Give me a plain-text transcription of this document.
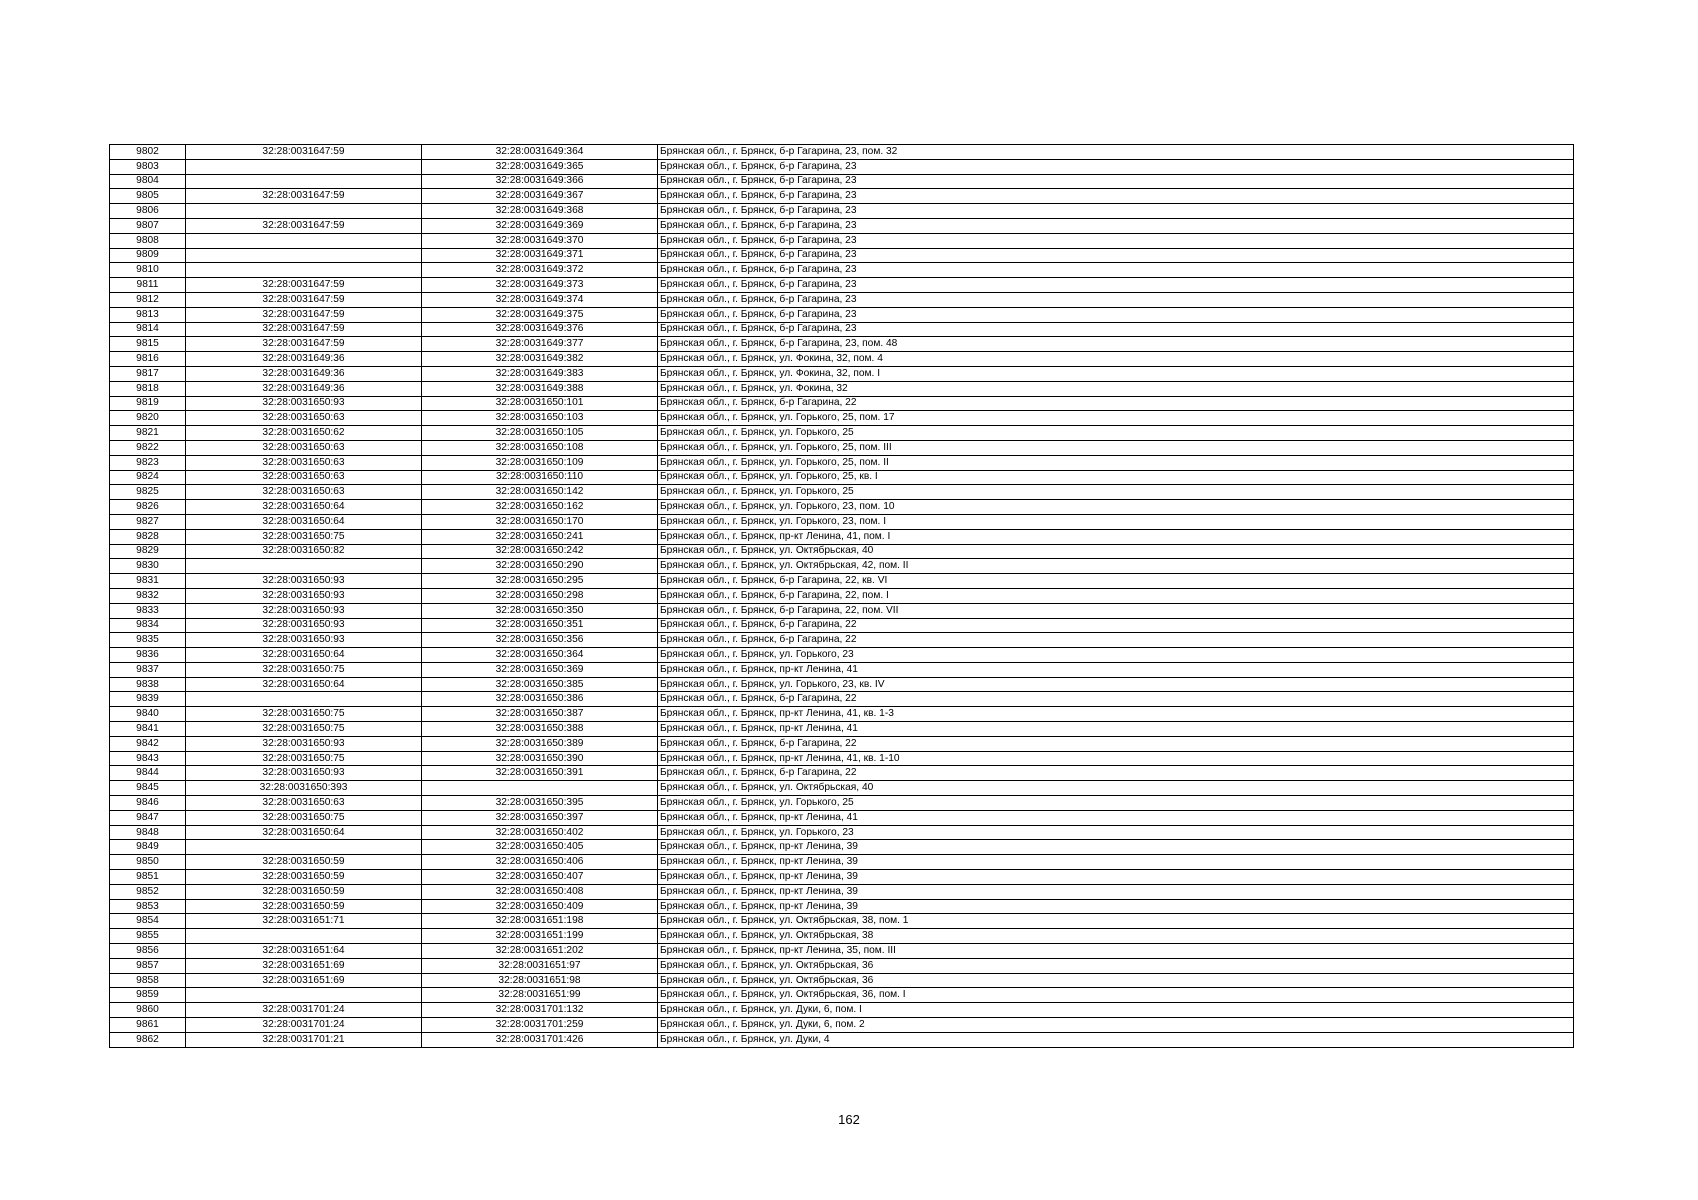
9802	32:28:0031647:59	32:28:0031649:364	Брянская обл., г. Брянск, б-р Гагарина, 23, пом. 32
9803		32:28:0031649:365	Брянская обл., г. Брянск, б-р Гагарина, 23
9804		32:28:0031649:366	Брянская обл., г. Брянск, б-р Гагарина, 23
9805	32:28:0031647:59	32:28:0031649:367	Брянская обл., г. Брянск, б-р Гагарина, 23
9806		32:28:0031649:368	Брянская обл., г. Брянск, б-р Гагарина, 23
9807	32:28:0031647:59	32:28:0031649:369	Брянская обл., г. Брянск, б-р Гагарина, 23
9808		32:28:0031649:370	Брянская обл., г. Брянск, б-р Гагарина, 23
9809		32:28:0031649:371	Брянская обл., г. Брянск, б-р Гагарина, 23
9810		32:28:0031649:372	Брянская обл., г. Брянск, б-р Гагарина, 23
9811	32:28:0031647:59	32:28:0031649:373	Брянская обл., г. Брянск, б-р Гагарина, 23
9812	32:28:0031647:59	32:28:0031649:374	Брянская обл., г. Брянск, б-р Гагарина, 23
9813	32:28:0031647:59	32:28:0031649:375	Брянская обл., г. Брянск, б-р Гагарина, 23
9814	32:28:0031647:59	32:28:0031649:376	Брянская обл., г. Брянск, б-р Гагарина, 23
9815	32:28:0031647:59	32:28:0031649:377	Брянская обл., г. Брянск, б-р Гагарина, 23, пом. 48
9816	32:28:0031649:36	32:28:0031649:382	Брянская обл., г. Брянск, ул. Фокина, 32, пом. 4
9817	32:28:0031649:36	32:28:0031649:383	Брянская обл., г. Брянск, ул. Фокина, 32, пом. I
9818	32:28:0031649:36	32:28:0031649:388	Брянская обл., г. Брянск, ул. Фокина, 32
9819	32:28:0031650:93	32:28:0031650:101	Брянская обл., г. Брянск, б-р Гагарина, 22
9820	32:28:0031650:63	32:28:0031650:103	Брянская обл., г. Брянск, ул. Горького, 25, пом. 17
9821	32:28:0031650:62	32:28:0031650:105	Брянская обл., г. Брянск, ул. Горького, 25
9822	32:28:0031650:63	32:28:0031650:108	Брянская обл., г. Брянск, ул. Горького, 25, пом. III
9823	32:28:0031650:63	32:28:0031650:109	Брянская обл., г. Брянск, ул. Горького, 25, пом. II
9824	32:28:0031650:63	32:28:0031650:110	Брянская обл., г. Брянск, ул. Горького, 25, кв. I
9825	32:28:0031650:63	32:28:0031650:142	Брянская обл., г. Брянск, ул. Горького, 25
9826	32:28:0031650:64	32:28:0031650:162	Брянская обл., г. Брянск, ул. Горького, 23, пом. 10
9827	32:28:0031650:64	32:28:0031650:170	Брянская обл., г. Брянск, ул. Горького, 23, пом. I
9828	32:28:0031650:75	32:28:0031650:241	Брянская обл., г. Брянск, пр-кт Ленина, 41, пом. I
9829	32:28:0031650:82	32:28:0031650:242	Брянская обл., г. Брянск, ул. Октябрьская, 40
9830		32:28:0031650:290	Брянская обл., г. Брянск, ул. Октябрьская, 42, пом. II
9831	32:28:0031650:93	32:28:0031650:295	Брянская обл., г. Брянск, б-р Гагарина, 22, кв. VI
9832	32:28:0031650:93	32:28:0031650:298	Брянская обл., г. Брянск, б-р Гагарина, 22, пом. I
9833	32:28:0031650:93	32:28:0031650:350	Брянская обл., г. Брянск, б-р Гагарина, 22, пом. VII
9834	32:28:0031650:93	32:28:0031650:351	Брянская обл., г. Брянск, б-р Гагарина, 22
9835	32:28:0031650:93	32:28:0031650:356	Брянская обл., г. Брянск, б-р Гагарина, 22
9836	32:28:0031650:64	32:28:0031650:364	Брянская обл., г. Брянск, ул. Горького, 23
9837	32:28:0031650:75	32:28:0031650:369	Брянская обл., г. Брянск, пр-кт Ленина, 41
9838	32:28:0031650:64	32:28:0031650:385	Брянская обл., г. Брянск, ул. Горького, 23, кв. IV
9839		32:28:0031650:386	Брянская обл., г. Брянск, б-р Гагарина, 22
9840	32:28:0031650:75	32:28:0031650:387	Брянская обл., г. Брянск, пр-кт Ленина, 41, кв. 1-3
9841	32:28:0031650:75	32:28:0031650:388	Брянская обл., г. Брянск, пр-кт Ленина, 41
9842	32:28:0031650:93	32:28:0031650:389	Брянская обл., г. Брянск, б-р Гагарина, 22
9843	32:28:0031650:75	32:28:0031650:390	Брянская обл., г. Брянск, пр-кт Ленина, 41, кв. 1-10
9844	32:28:0031650:93	32:28:0031650:391	Брянская обл., г. Брянск, б-р Гагарина, 22
9845	32:28:0031650:393		Брянская обл., г. Брянск, ул. Октябрьская, 40
9846	32:28:0031650:63	32:28:0031650:395	Брянская обл., г. Брянск, ул. Горького, 25
9847	32:28:0031650:75	32:28:0031650:397	Брянская обл., г. Брянск, пр-кт Ленина, 41
9848	32:28:0031650:64	32:28:0031650:402	Брянская обл., г. Брянск, ул. Горького, 23
9849		32:28:0031650:405	Брянская обл., г. Брянск, пр-кт Ленина, 39
9850	32:28:0031650:59	32:28:0031650:406	Брянская обл., г. Брянск, пр-кт Ленина, 39
9851	32:28:0031650:59	32:28:0031650:407	Брянская обл., г. Брянск, пр-кт Ленина, 39
9852	32:28:0031650:59	32:28:0031650:408	Брянская обл., г. Брянск, пр-кт Ленина, 39
9853	32:28:0031650:59	32:28:0031650:409	Брянская обл., г. Брянск, пр-кт Ленина, 39
9854	32:28:0031651:71	32:28:0031651:198	Брянская обл., г. Брянск, ул. Октябрьская, 38, пом. 1
9855		32:28:0031651:199	Брянская обл., г. Брянск, ул. Октябрьская, 38
9856	32:28:0031651:64	32:28:0031651:202	Брянская обл., г. Брянск, пр-кт Ленина, 35, пом. III
9857	32:28:0031651:69	32:28:0031651:97	Брянская обл., г. Брянск, ул. Октябрьская, 36
9858	32:28:0031651:69	32:28:0031651:98	Брянская обл., г. Брянск, ул. Октябрьская, 36
9859		32:28:0031651:99	Брянская обл., г. Брянск, ул. Октябрьская, 36, пом. I
9860	32:28:0031701:24	32:28:0031701:132	Брянская обл., г. Брянск, ул. Дуки, 6, пом. I
9861	32:28:0031701:24	32:28:0031701:259	Брянская обл., г. Брянск, ул. Дуки, 6, пом. 2
9862	32:28:0031701:21	32:28:0031701:426	Брянская обл., г. Брянск, ул. Дуки, 4
162
